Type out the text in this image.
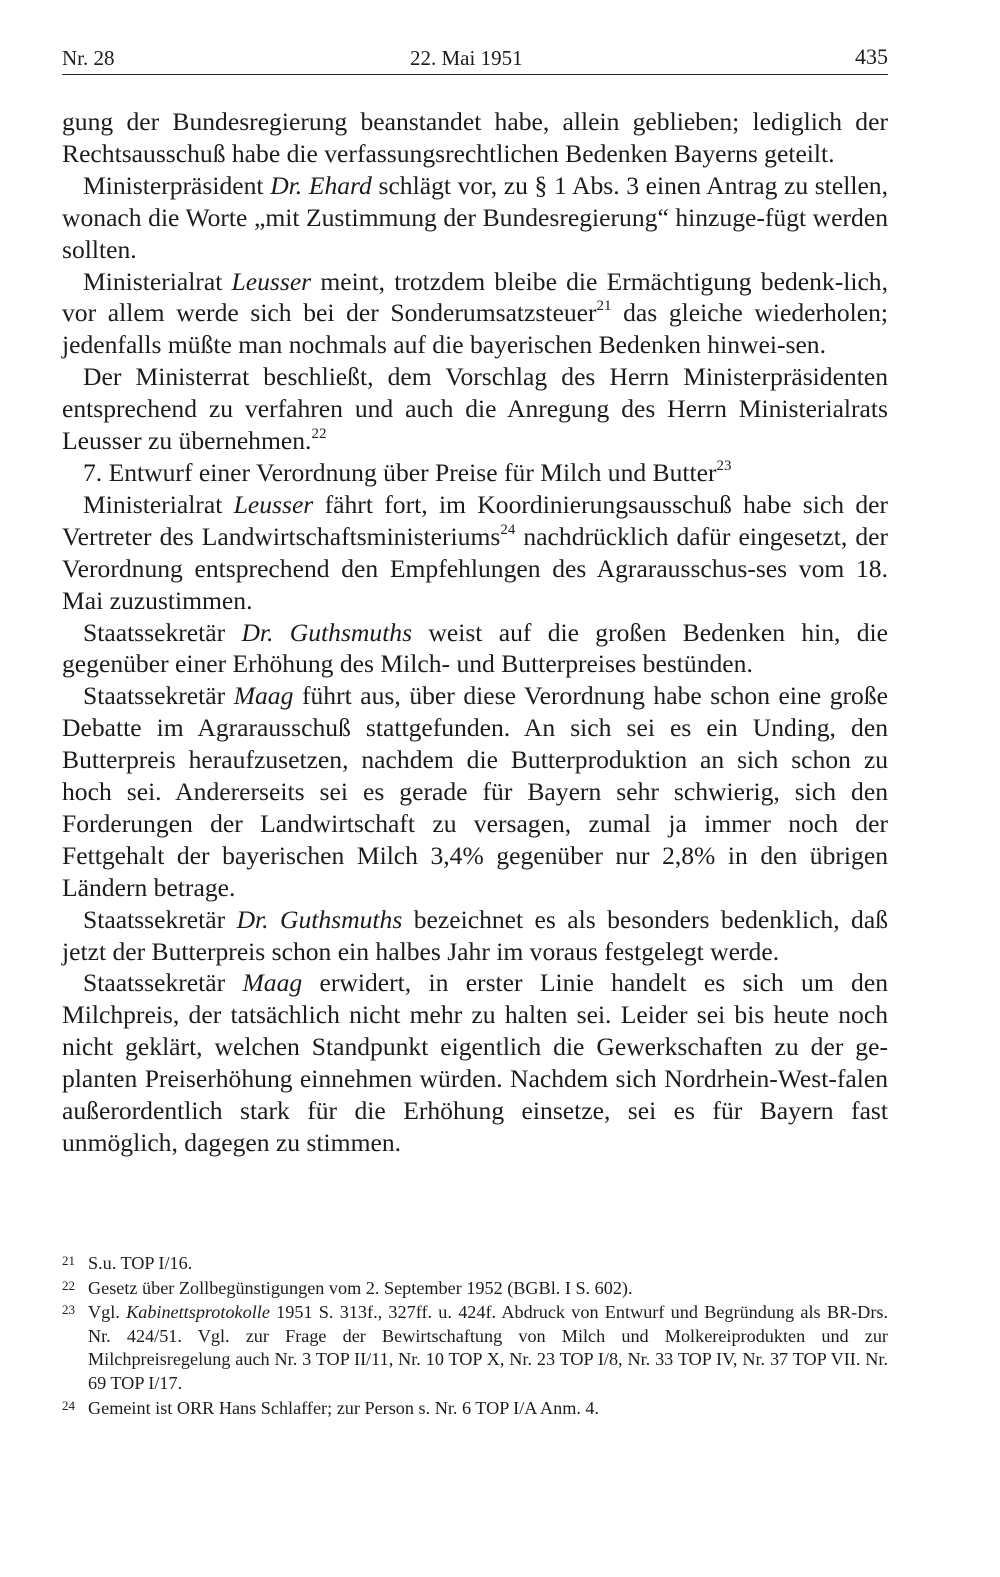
Nr. 28	22. Mai 1951	435

gung der Bundesregierung beanstandet habe, allein geblieben; lediglich der Rechtsausschuß habe die verfassungsrechtlichen Bedenken Bayerns geteilt.

Ministerpräsident Dr. Ehard schlägt vor, zu § 1 Abs. 3 einen Antrag zu stellen, wonach die Worte „mit Zustimmung der Bundesregierung“ hinzuge-fügt werden sollten.

Ministerialrat Leusser meint, trotzdem bleibe die Ermächtigung bedenk-lich, vor allem werde sich bei der Sonderumsatzsteuer$^{21}$ das gleiche wiederholen; jedenfalls müßte man nochmals auf die bayerischen Bedenken hinwei-sen.

Der Ministerrat beschließt, dem Vorschlag des Herrn Ministerpräsidenten entsprechend zu verfahren und auch die Anregung des Herrn Ministerialrats Leusser zu übernehmen.$^{22}$

7. Entwurf einer Verordnung über Preise für Milch und Butter$^{23}$

Ministerialrat Leusser fährt fort, im Koordinierungsausschuß habe sich der Vertreter des Landwirtschaftsministeriums$^{24}$ nachdrücklich dafür eingesetzt, der Verordnung entsprechend den Empfehlungen des Agrarausschus-ses vom 18. Mai zuzustimmen.

Staatssekretär Dr. Guthsmuths weist auf die großen Bedenken hin, die gegenüber einer Erhöhung des Milch- und Butterpreises bestünden.

Staatssekretär Maag führt aus, über diese Verordnung habe schon eine große Debatte im Agrarausschuß stattgefunden. An sich sei es ein Unding, den Butterpreis heraufzusetzen, nachdem die Butterproduktion an sich schon zu hoch sei. Andererseits sei es gerade für Bayern sehr schwierig, sich den Forderungen der Landwirtschaft zu versagen, zumal ja immer noch der Fettgehalt der bayerischen Milch 3,4% gegenüber nur 2,8% in den übrigen Ländern betrage.

Staatssekretär Dr. Guthsmuths bezeichnet es als besonders bedenklich, daß jetzt der Butterpreis schon ein halbes Jahr im voraus festgelegt werde.

Staatssekretär Maag erwidert, in erster Linie handelt es sich um den Milchpreis, der tatsächlich nicht mehr zu halten sei. Leider sei bis heute noch nicht geklärt, welchen Standpunkt eigentlich die Gewerkschaften zu der ge-planten Preiserhöhung einnehmen würden. Nachdem sich Nordrhein-West-falen außerordentlich stark für die Erhöhung einsetze, sei es für Bayern fast unmöglich, dagegen zu stimmen.

21 S.u. TOP I/16.
22 Gesetz über Zollbegünstigungen vom 2. September 1952 (BGBl. I S. 602).
23 Vgl. Kabinettsprotokolle 1951 S. 313f., 327ff. u. 424f. Abdruck von Entwurf und Begründung als BR-Drs. Nr. 424/51. Vgl. zur Frage der Bewirtschaftung von Milch und Molkereiprodukten und zur Milchpreisregelung auch Nr. 3 TOP II/11, Nr. 10 TOP X, Nr. 23 TOP I/8, Nr. 33 TOP IV, Nr. 37 TOP VII. Nr. 69 TOP I/17.
24 Gemeint ist ORR Hans Schlaffer; zur Person s. Nr. 6 TOP I/A Anm. 4.
